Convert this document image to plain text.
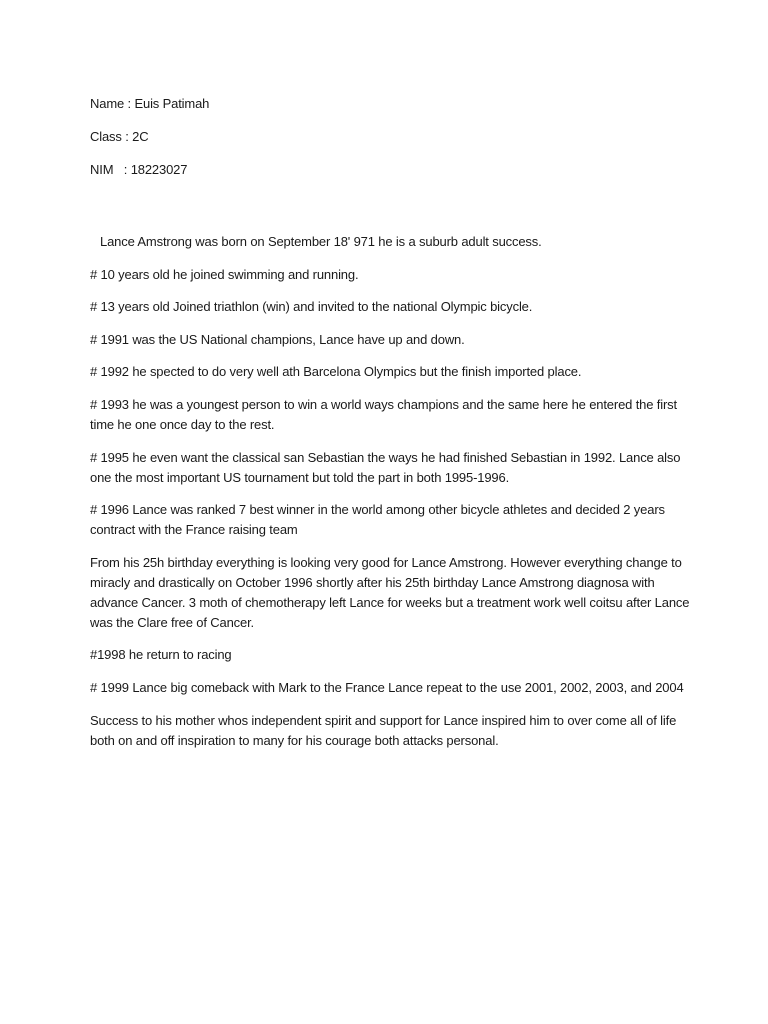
Name : Euis Patimah

Class : 2C

NIM   : 18223027

Lance Amstrong was born on September 18' 971 he is a suburb adult success.

# 10 years old he joined swimming and running.

# 13 years old Joined triathlon (win) and invited to the national Olympic bicycle.

# 1991 was the US National champions, Lance have up and down.

# 1992 he spected to do very well ath Barcelona Olympics but the finish imported place.

# 1993 he was a youngest person to win a world ways champions and the same here he entered the first time he one once day to the rest.

# 1995 he even want the classical san Sebastian the ways he had finished Sebastian in 1992. Lance also one the most important US tournament but told the part in both 1995-1996.

# 1996 Lance was ranked 7 best winner in the world among other bicycle athletes and decided 2 years contract with the France raising team

From his 25h birthday everything is looking very good for Lance Amstrong. However everything change to miracly and drastically on October 1996 shortly after his 25th birthday Lance Amstrong diagnosa with advance Cancer. 3 moth of chemotherapy left Lance for weeks but a treatment work well coitsu after Lance was the Clare free of Cancer.

#1998 he return to racing

# 1999 Lance big comeback with Mark to the France Lance repeat to the use 2001, 2002, 2003, and 2004

Success to his mother whos independent spirit and support for Lance inspired him to over come all of life both on and off inspiration to many for his courage both attacks personal.
